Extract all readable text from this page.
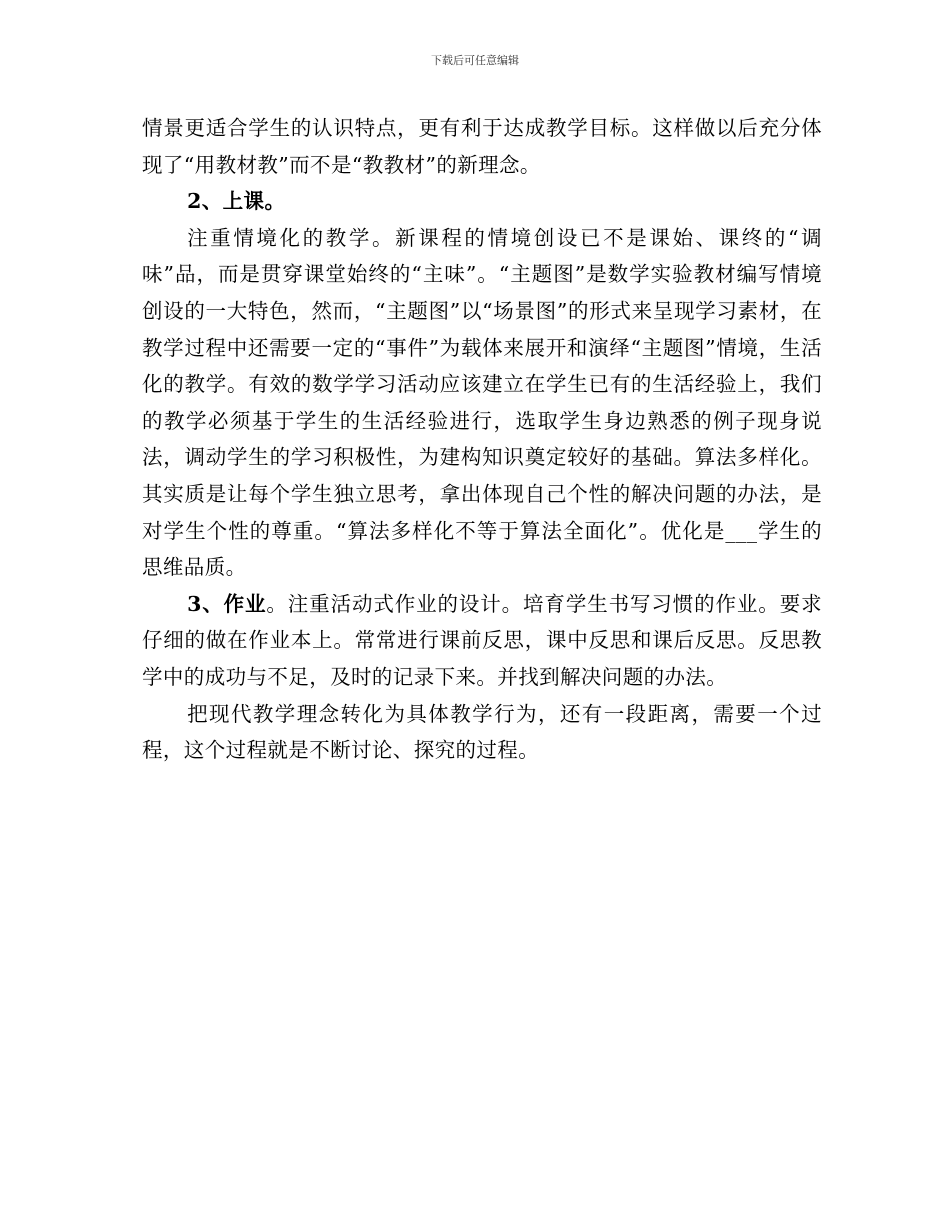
下载后可任意编辑

情景更适合学生的认识特点，更有利于达成教学目标。这样做以后充分体现了“用教材教”而不是“教教材”的新理念。

2、上课。

注重情境化的教学。新课程的情境创设已不是课始、课终的“调味”品，而是贯穿课堂始终的“主味”。“主题图”是数学实验教材编写情境创设的一大特色，然而，“主题图”以“场景图”的形式来呈现学习素材，在教学过程中还需要一定的“事件”为载体来展开和演绎“主题图”情境，生活化的教学。有效的数学学习活动应该建立在学生已有的生活经验上，我们的教学必须基于学生的生活经验进行，选取学生身边熟悉的例子现身说法，调动学生的学习积极性，为建构知识奠定较好的基础。算法多样化。其实质是让每个学生独立思考，拿出体现自己个性的解决问题的办法，是对学生个性的尊重。“算法多样化不等于算法全面化”。优化是___学生的思维品质。

3、作业。注重活动式作业的设计。培育学生书写习惯的作业。要求仔细的做在作业本上。常常进行课前反思，课中反思和课后反思。反思教学中的成功与不足，及时的记录下来。并找到解决问题的办法。

把现代教学理念转化为具体教学行为，还有一段距离，需要一个过程，这个过程就是不断讨论、探究的过程。
